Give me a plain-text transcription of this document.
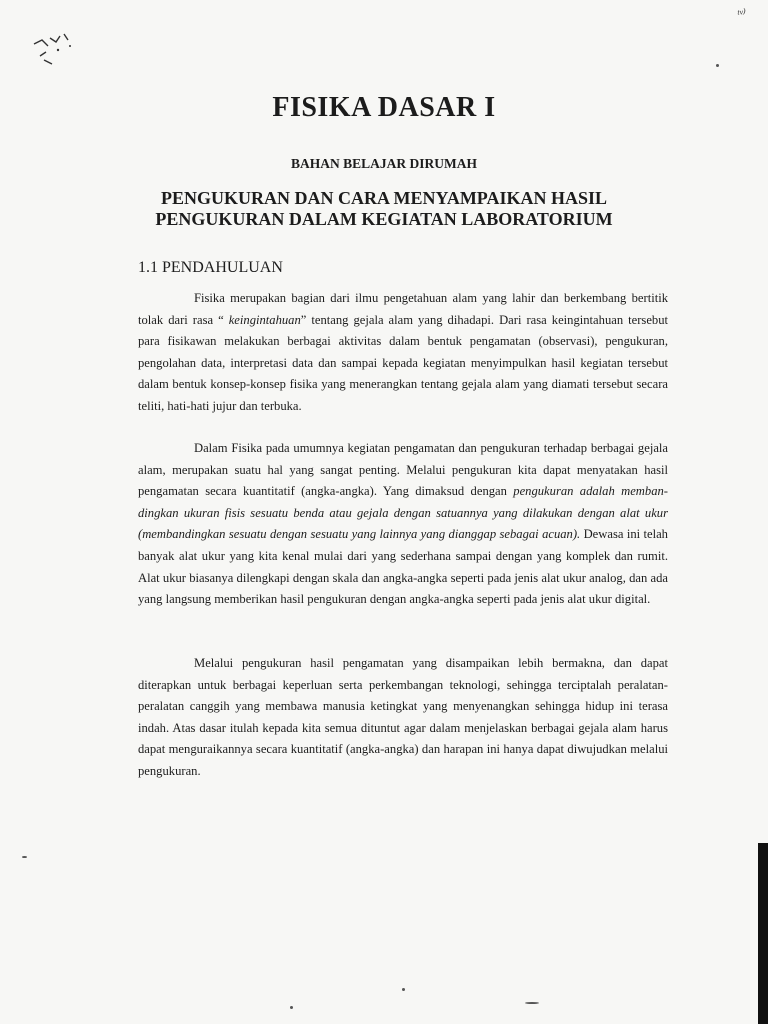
ᵗᵛ⁾
FISIKA DASAR I
BAHAN BELAJAR DIRUMAH
PENGUKURAN DAN CARA MENYAMPAIKAN HASIL
PENGUKURAN DALAM KEGIATAN LABORATORIUM
1.1 PENDAHULUAN

Fisika merupakan bagian dari ilmu pengetahuan alam yang lahir dan berkembang bertitik tolak dari rasa “ keingintahuan” tentang gejala alam yang dihadapi. Dari rasa keingintahuan tersebut para fisikawan melakukan berbagai aktivitas dalam bentuk pengamatan (observasi), pengukuran, pengolahan data, interpretasi data dan sampai kepada kegiatan menyimpulkan hasil kegiatan tersebut dalam bentuk konsep-konsep fisika yang menerangkan tentang gejala alam yang diamati tersebut secara teliti, hati-hati jujur dan terbuka.

Dalam Fisika pada umumnya kegiatan pengamatan dan pengukuran terhadap berbagai gejala alam, merupakan suatu hal yang sangat penting. Melalui pengukuran kita dapat menyatakan hasil pengamatan secara kuantitatif (angka-angka). Yang dimaksud dengan pengukuran adalah memban-dingkan ukuran fisis sesuatu benda atau gejala dengan satuannya yang dilakukan dengan alat ukur (membandingkan sesuatu dengan sesuatu yang lainnya yang dianggap sebagai acuan). Dewasa ini telah banyak alat ukur yang kita kenal mulai dari yang sederhana sampai dengan yang komplek dan rumit. Alat ukur biasanya dilengkapi dengan skala dan angka-angka seperti pada jenis alat ukur analog, dan ada yang langsung memberikan hasil pengukuran dengan angka-angka seperti pada jenis alat ukur digital.

Melalui pengukuran hasil pengamatan yang disampaikan lebih bermakna, dan dapat diterapkan untuk berbagai keperluan serta perkembangan teknologi, sehingga terciptalah peralatan-peralatan canggih yang membawa manusia ketingkat yang menyenangkan sehingga hidup ini terasa indah. Atas dasar itulah kepada kita semua dituntut agar dalam menjelaskan berbagai gejala alam harus dapat menguraikannya secara kuantitatif (angka-angka) dan harapan ini hanya dapat diwujudkan melalui pengukuran.
